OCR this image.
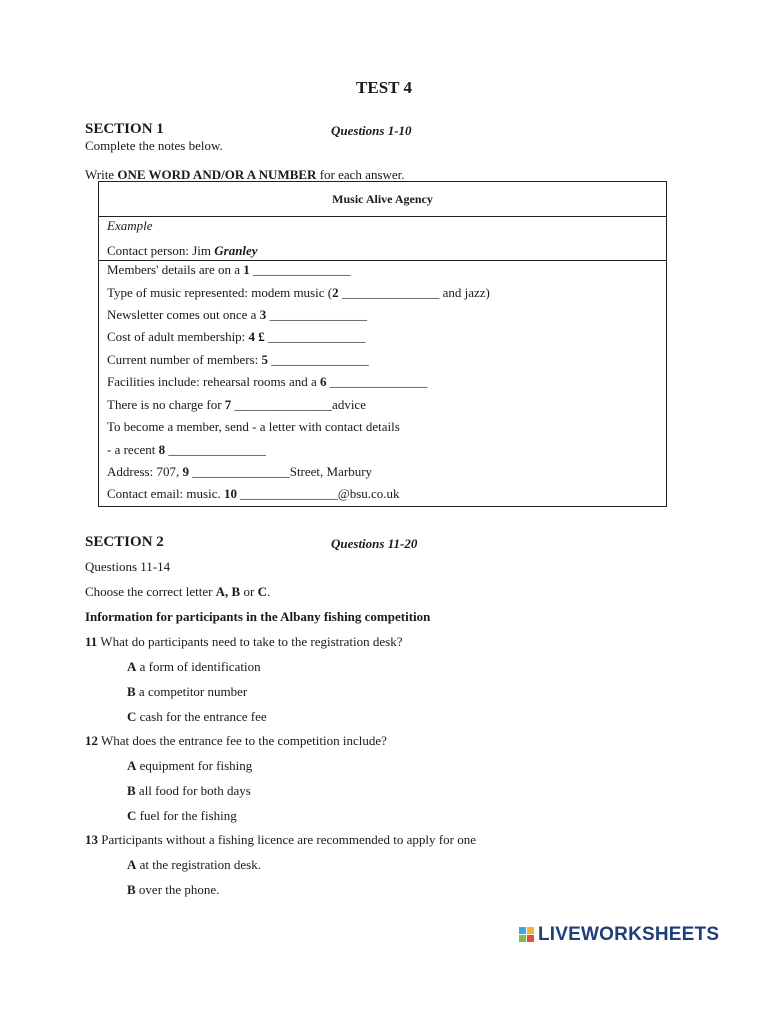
TEST 4
SECTION 1	Questions 1-10
Complete the notes below.
Write ONE WORD AND/OR A NUMBER for each answer.
Music Alive Agency
Example
Contact person: Jim Granley
Members' details are on a 1 _______________
Type of music represented: modem music (2 _______________ and jazz)
Newsletter comes out once a 3 _______________
Cost of adult membership: 4 £ _______________
Current number of members: 5 _______________
Facilities include: rehearsal rooms and a 6 _______________
There is no charge for 7 _______________advice
To become a member, send - a letter with contact details
- a recent 8 _______________
Address: 707, 9 _______________Street, Marbury
Contact email: music. 10 _______________@bsu.co.uk
SECTION 2	Questions 11-20
Questions 11-14
Choose the correct letter A, B or C.
Information for participants in the Albany fishing competition
11 What do participants need to take to the registration desk?
A a form of identification
B a competitor number
C cash for the entrance fee
12 What does the entrance fee to the competition include?
A equipment for fishing
B all food for both days
C fuel for the fishing
13 Participants without a fishing licence are recommended to apply for one
A at the registration desk.
B over the phone.
LIVEWORKSHEETS
